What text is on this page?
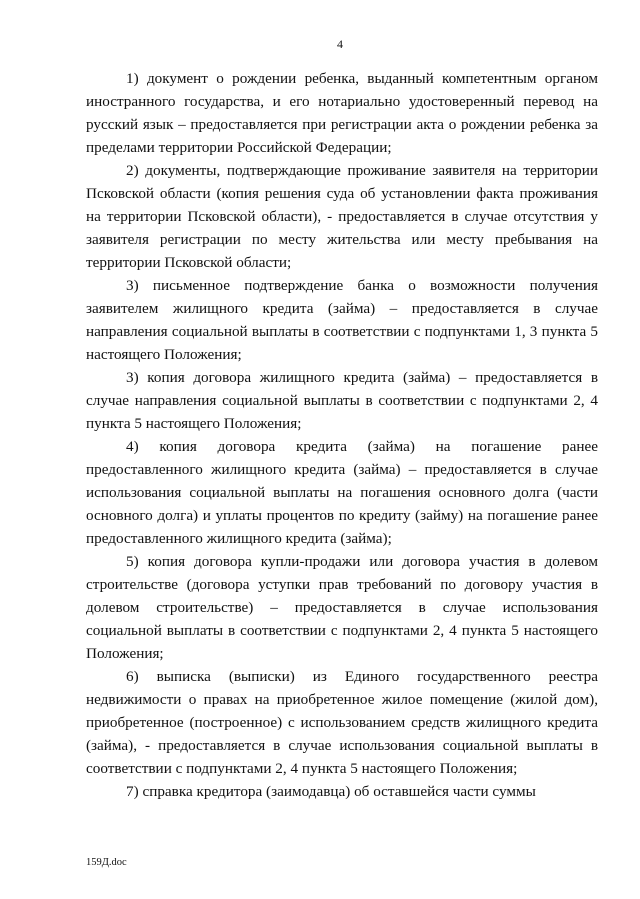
4

1) документ о рождении ребенка, выданный компетентным органом иностранного государства, и его нотариально удостоверенный перевод на русский язык – предоставляется при регистрации акта о рождении ребенка за пределами территории Российской Федерации;

2) документы, подтверждающие проживание заявителя на территории Псковской области (копия решения суда об установлении факта проживания на территории Псковской области), - предоставляется в случае отсутствия у заявителя регистрации по месту жительства или месту пребывания на территории Псковской области;

3) письменное подтверждение банка о возможности получения заявителем жилищного кредита (займа) – предоставляется в случае направления социальной выплаты в соответствии с подпунктами 1, 3 пункта 5 настоящего Положения;

3) копия договора жилищного кредита (займа) – предоставляется в случае направления социальной выплаты в соответствии с подпунктами 2, 4 пункта 5 настоящего Положения;

4) копия договора кредита (займа) на погашение ранее предоставленного жилищного кредита (займа) – предоставляется в случае использования социальной выплаты на погашения основного долга (части основного долга) и уплаты процентов по кредиту (займу) на погашение ранее предоставленного жилищного кредита (займа);

5) копия договора купли-продажи или договора участия в долевом строительстве (договора уступки прав требований по договору участия в долевом строительстве) – предоставляется в случае использования социальной выплаты в соответствии с подпунктами 2, 4 пункта 5 настоящего Положения;

6) выписка (выписки) из Единого государственного реестра недвижимости о правах на приобретенное жилое помещение (жилой дом), приобретенное (построенное) с использованием средств жилищного кредита (займа), - предоставляется в случае использования социальной выплаты в соответствии с подпунктами 2, 4 пункта 5 настоящего Положения;

7) справка кредитора (заимодавца) об оставшейся части суммы

159Д.doc
